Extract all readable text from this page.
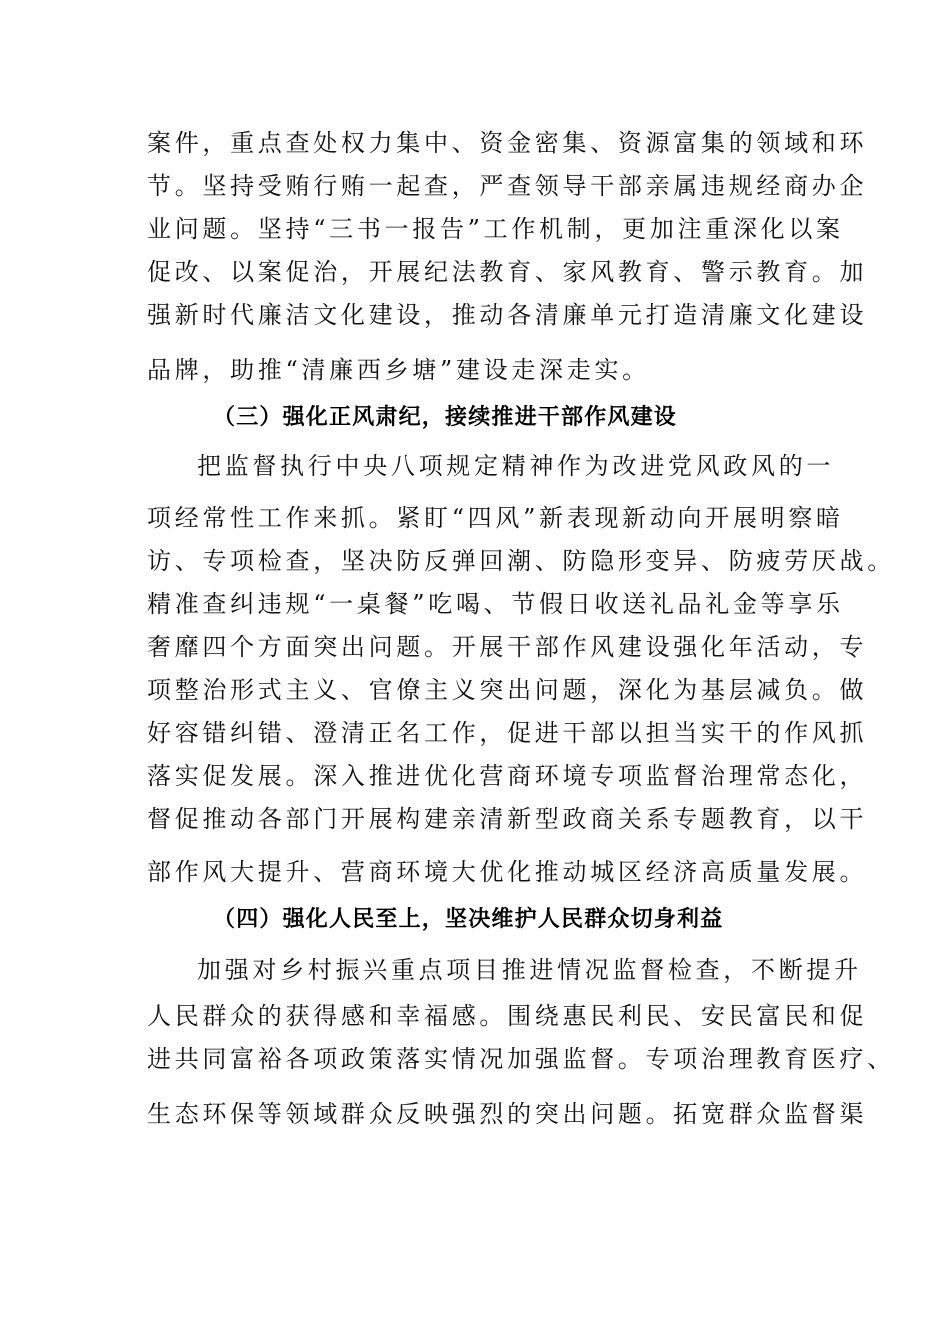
案件，重点查处权力集中、资金密集、资源富集的领域和环
节。坚持受贿行贿一起查，严查领导干部亲属违规经商办企
业问题。坚持“三书一报告”工作机制，更加注重深化以案
促改、以案促治，开展纪法教育、家风教育、警示教育。加
强新时代廉洁文化建设，推动各清廉单元打造清廉文化建设
品牌，助推“清廉西乡塘”建设走深走实。
（三）强化正风肃纪，接续推进干部作风建设
把监督执行中央八项规定精神作为改进党风政风的一
项经常性工作来抓。紧盯“四风”新表现新动向开展明察暗
访、专项检查，坚决防反弹回潮、防隐形变异、防疲劳厌战。
精准查纠违规“一桌餐”吃喝、节假日收送礼品礼金等享乐
奢靡四个方面突出问题。开展干部作风建设强化年活动，专
项整治形式主义、官僚主义突出问题，深化为基层减负。做
好容错纠错、澄清正名工作，促进干部以担当实干的作风抓
落实促发展。深入推进优化营商环境专项监督治理常态化，
督促推动各部门开展构建亲清新型政商关系专题教育，以干
部作风大提升、营商环境大优化推动城区经济高质量发展。
（四）强化人民至上，坚决维护人民群众切身利益
加强对乡村振兴重点项目推进情况监督检查，不断提升
人民群众的获得感和幸福感。围绕惠民利民、安民富民和促
进共同富裕各项政策落实情况加强监督。专项治理教育医疗、
生态环保等领域群众反映强烈的突出问题。拓宽群众监督渠
